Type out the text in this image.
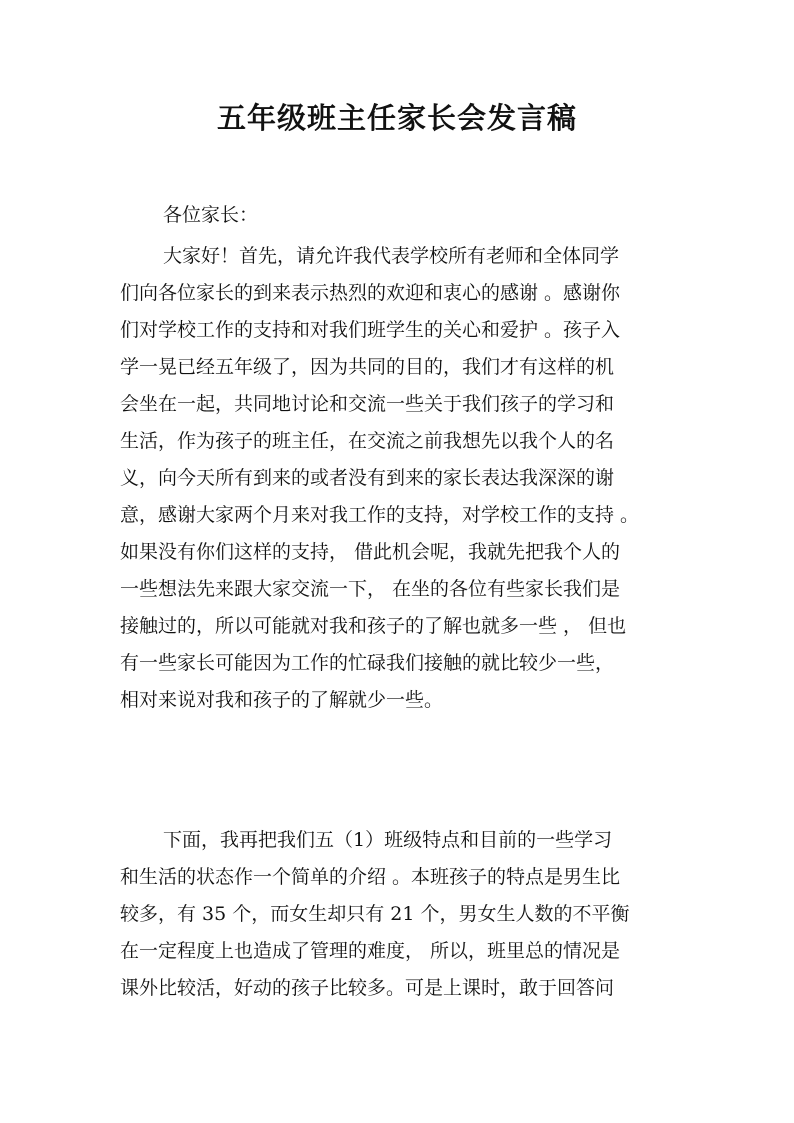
五年级班主任家长会发言稿
各位家长：
大家好！首先，请允许我代表学校所有老师和全体同学
们向各位家长的到来表示热烈的欢迎和衷心的感谢 。感谢你
们对学校工作的支持和对我们班学生的关心和爱护 。孩子入
学一晃已经五年级了，因为共同的目的，我们才有这样的机
会坐在一起，共同地讨论和交流一些关于我们孩子的学习和
生活，作为孩子的班主任，在交流之前我想先以我个人的名
义，向今天所有到来的或者没有到来的家长表达我深深的谢
意，感谢大家两个月来对我工作的支持，对学校工作的支持 。
如果没有你们这样的支持， 借此机会呢，我就先把我个人的
一些想法先来跟大家交流一下， 在坐的各位有些家长我们是
接触过的，所以可能就对我和孩子的了解也就多一些 ， 但也
有一些家长可能因为工作的忙碌我们接触的就比较少一些，
相对来说对我和孩子的了解就少一些。
下面，我再把我们五（1）班级特点和目前的一些学习
和生活的状态作一个简单的介绍 。本班孩子的特点是男生比
较多，有 35 个，而女生却只有 21 个，男女生人数的不平衡
在一定程度上也造成了管理的难度， 所以，班里总的情况是
课外比较活，好动的孩子比较多。可是上课时，敢于回答问
